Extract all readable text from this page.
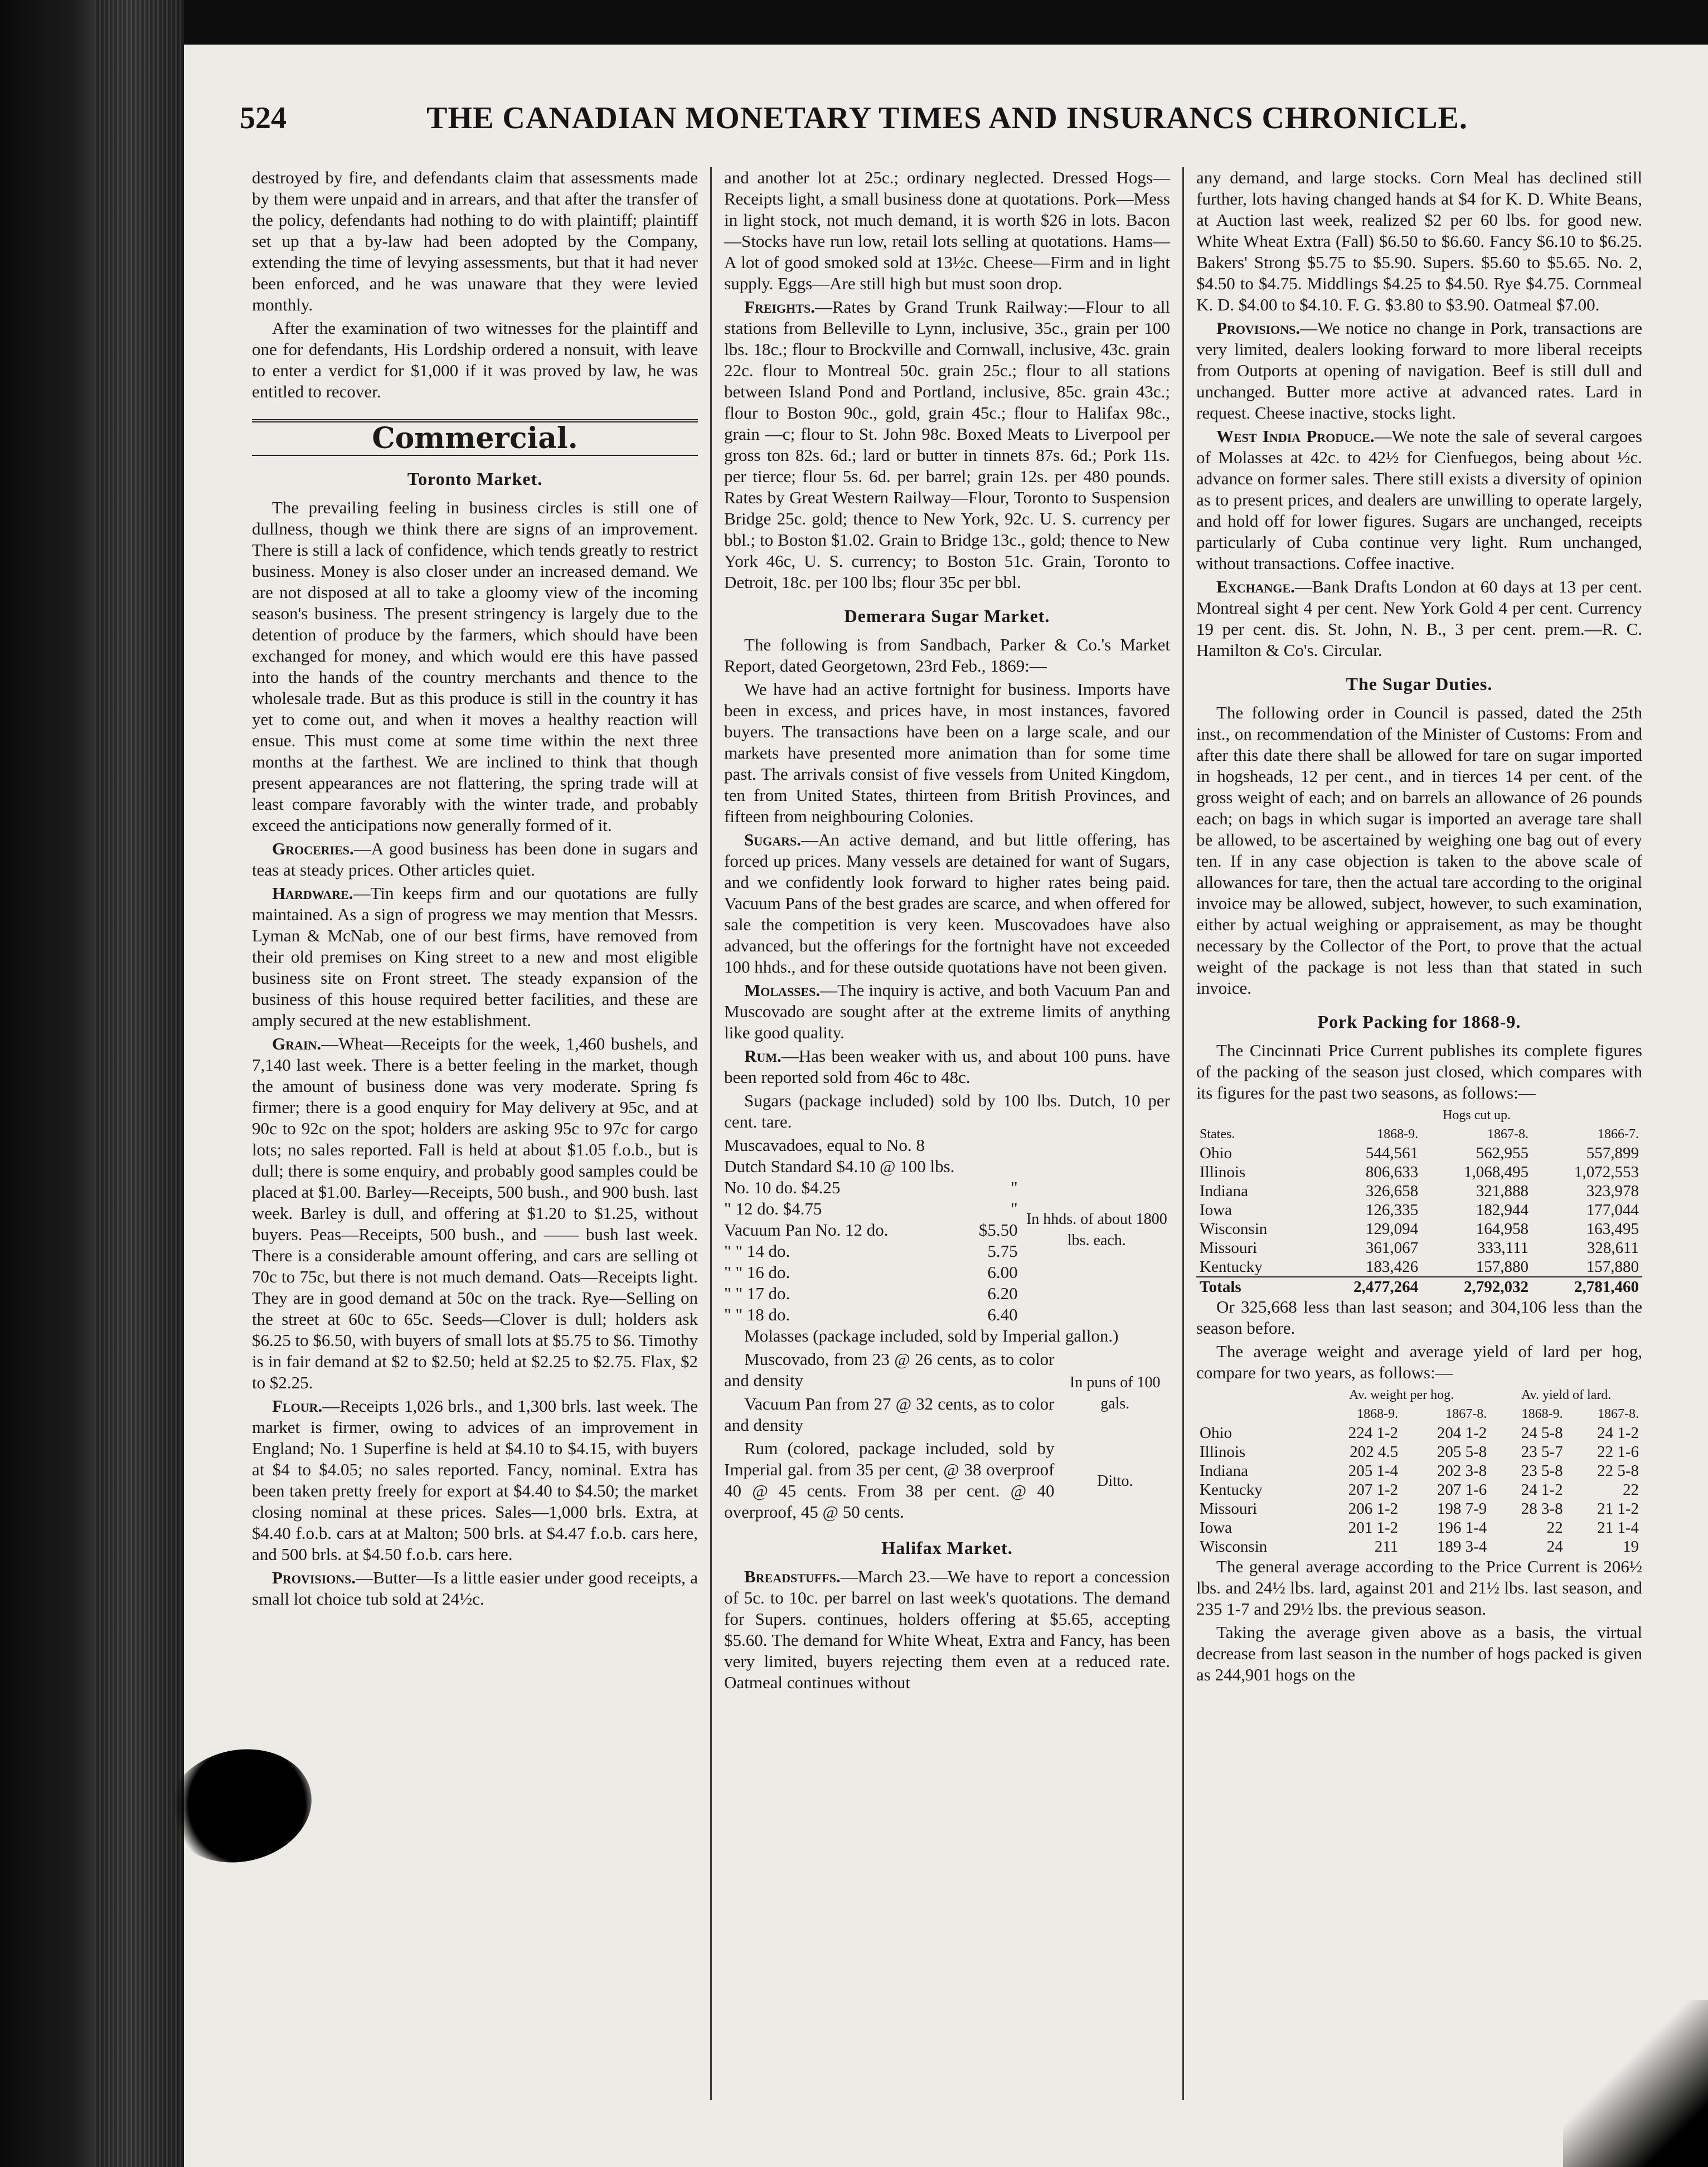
524	THE CANADIAN MONETARY TIMES AND INSURANCS CHRONICLE.

destroyed by fire, and defendants claim that assessments made by them were unpaid and in arrears, and that after the transfer of the policy, defendants had nothing to do with plaintiff; plaintiff set up that a by-law had been adopted by the Company, extending the time of levying assessments, but that it had never been enforced, and he was unaware that they were levied monthly.

After the examination of two witnesses for the plaintiff and one for defendants, His Lordship ordered a nonsuit, with leave to enter a verdict for $1,000 if it was proved by law, he was entitled to recover.

Commercial.
Toronto Market.

The prevailing feeling in business circles is still one of dullness, though we think there are signs of an improvement. There is still a lack of confidence, which tends greatly to restrict business. Money is also closer under an increased demand. We are not disposed at all to take a gloomy view of the incoming season's business. The present stringency is largely due to the detention of produce by the farmers, which should have been exchanged for money, and which would ere this have passed into the hands of the country merchants and thence to the wholesale trade. But as this produce is still in the country it has yet to come out, and when it moves a healthy reaction will ensue. This must come at some time within the next three months at the farthest. We are inclined to think that though present appearances are not flattering, the spring trade will at least compare favorably with the winter trade, and probably exceed the anticipations now generally formed of it.

Groceries.—A good business has been done in sugars and teas at steady prices. Other articles quiet.

Hardware.—Tin keeps firm and our quotations are fully maintained. As a sign of progress we may mention that Messrs. Lyman & McNab, one of our best firms, have removed from their old premises on King street to a new and most eligible business site on Front street. The steady expansion of the business of this house required better facilities, and these are amply secured at the new establishment.

Grain.—Wheat—Receipts for the week, 1,460 bushels, and 7,140 last week. There is a better feeling in the market, though the amount of business done was very moderate. Spring fs firmer; there is a good enquiry for May delivery at 95c, and at 90c to 92c on the spot; holders are asking 95c to 97c for cargo lots; no sales reported. Fall is held at about $1.05 f.o.b., but is dull; there is some enquiry, and probably good samples could be placed at $1.00. Barley—Receipts, 500 bush., and 900 bush. last week. Barley is dull, and offering at $1.20 to $1.25, without buyers. Peas—Receipts, 500 bush., and —— bush last week. There is a considerable amount offering, and cars are selling ot 70c to 75c, but there is not much demand. Oats—Receipts light. They are in good demand at 50c on the track. Rye—Selling on the street at 60c to 65c. Seeds—Clover is dull; holders ask $6.25 to $6.50, with buyers of small lots at $5.75 to $6. Timothy is in fair demand at $2 to $2.50; held at $2.25 to $2.75. Flax, $2 to $2.25.

Flour.—Receipts 1,026 brls., and 1,300 brls. last week. The market is firmer, owing to advices of an improvement in England; No. 1 Superfine is held at $4.10 to $4.15, with buyers at $4 to $4.05; no sales reported. Fancy, nominal. Extra has been taken pretty freely for export at $4.40 to $4.50; the market closing nominal at these prices. Sales—1,000 brls. Extra, at $4.40 f.o.b. cars at at Malton; 500 brls. at $4.47 f.o.b. cars here, and 500 brls. at $4.50 f.o.b. cars here.

Provisions.—Butter—Is a little easier under good receipts, a small lot choice tub sold at 24½c.

and another lot at 25c.; ordinary neglected. Dressed Hogs—Receipts light, a small business done at quotations. Pork—Mess in light stock, not much demand, it is worth $26 in lots. Bacon—Stocks have run low, retail lots selling at quotations. Hams—A lot of good smoked sold at 13½c. Cheese—Firm and in light supply. Eggs—Are still high but must soon drop.

Freights.—Rates by Grand Trunk Railway:—Flour to all stations from Belleville to Lynn, inclusive, 35c., grain per 100 lbs. 18c.; flour to Brockville and Cornwall, inclusive, 43c. grain 22c. flour to Montreal 50c. grain 25c.; flour to all stations between Island Pond and Portland, inclusive, 85c. grain 43c.; flour to Boston 90c., gold, grain 45c.; flour to Halifax 98c., grain —c; flour to St. John 98c. Boxed Meats to Liverpool per gross ton 82s. 6d.; lard or butter in tinnets 87s. 6d.; Pork 11s. per tierce; flour 5s. 6d. per barrel; grain 12s. per 480 pounds. Rates by Great Western Railway—Flour, Toronto to Suspension Bridge 25c. gold; thence to New York, 92c. U. S. currency per bbl.; to Boston $1.02. Grain to Bridge 13c., gold; thence to New York 46c, U. S. currency; to Boston 51c. Grain, Toronto to Detroit, 18c. per 100 lbs; flour 35c per bbl.

Demerara Sugar Market.

The following is from Sandbach, Parker & Co.'s Market Report, dated Georgetown, 23rd Feb., 1869:—

We have had an active fortnight for business. Imports have been in excess, and prices have, in most instances, favored buyers. The transactions have been on a large scale, and our markets have presented more animation than for some time past. The arrivals consist of five vessels from United Kingdom, ten from United States, thirteen from British Provinces, and fifteen from neighbouring Colonies.

Sugars.—An active demand, and but little offering, has forced up prices. Many vessels are detained for want of Sugars, and we confidently look forward to higher rates being paid. Vacuum Pans of the best grades are scarce, and when offered for sale the competition is very keen. Muscovadoes have also advanced, but the offerings for the fortnight have not exceeded 100 hhds., and for these outside quotations have not been given.

Molasses.—The inquiry is active, and both Vacuum Pan and Muscovado are sought after at the extreme limits of anything like good quality.

Rum.—Has been weaker with us, and about 100 puns. have been reported sold from 46c to 48c.

Sugars (package included) sold by 100 lbs. Dutch, 10 per cent. tare.

Muscavadoes, equal to No. 8
Dutch Standard $4.10 @ 100 lbs.
No. 10 do. $4.25	"
" 12 do. $4.75	"
Vacuum Pan No. 12 do.	$5.50
" " 14 do.	5.75
" " 16 do.	6.00
" " 17 do.	6.20
" " 18 do.	6.40
In hhds. of about 1800 lbs. each.

Molasses (package included, sold by Imperial gallon.)

Muscovado, from 23 @ 26 cents, as to color and density

Vacuum Pan from 27 @ 32 cents, as to color and density

In puns of 100 gals.

Rum (colored, package included, sold by Imperial gal. from 35 per cent, @ 38 overproof 40 @ 45 cents. From 38 per cent. @ 40 overproof, 45 @ 50 cents.

Ditto.
Halifax Market.

Breadstuffs.—March 23.—We have to report a concession of 5c. to 10c. per barrel on last week's quotations. The demand for Supers. continues, holders offering at $5.65, accepting $5.60. The demand for White Wheat, Extra and Fancy, has been very limited, buyers rejecting them even at a reduced rate. Oatmeal continues without

any demand, and large stocks. Corn Meal has declined still further, lots having changed hands at $4 for K. D. White Beans, at Auction last week, realized $2 per 60 lbs. for good new. White Wheat Extra (Fall) $6.50 to $6.60. Fancy $6.10 to $6.25. Bakers' Strong $5.75 to $5.90. Supers. $5.60 to $5.65. No. 2, $4.50 to $4.75. Middlings $4.25 to $4.50. Rye $4.75. Cornmeal K. D. $4.00 to $4.10. F. G. $3.80 to $3.90. Oatmeal $7.00.

Provisions.—We notice no change in Pork, transactions are very limited, dealers looking forward to more liberal receipts from Outports at opening of navigation. Beef is still dull and unchanged. Butter more active at advanced rates. Lard in request. Cheese inactive, stocks light.

West India Produce.—We note the sale of several cargoes of Molasses at 42c. to 42½ for Cienfuegos, being about ½c. advance on former sales. There still exists a diversity of opinion as to present prices, and dealers are unwilling to operate largely, and hold off for lower figures. Sugars are unchanged, receipts particularly of Cuba continue very light. Rum unchanged, without transactions. Coffee inactive.

Exchange.—Bank Drafts London at 60 days at 13 per cent. Montreal sight 4 per cent. New York Gold 4 per cent. Currency 19 per cent. dis. St. John, N. B., 3 per cent. prem.—R. C. Hamilton & Co's. Circular.

The Sugar Duties.

The following order in Council is passed, dated the 25th inst., on recommendation of the Minister of Customs: From and after this date there shall be allowed for tare on sugar imported in hogsheads, 12 per cent., and in tierces 14 per cent. of the gross weight of each; and on barrels an allowance of 26 pounds each; on bags in which sugar is imported an average tare shall be allowed, to be ascertained by weighing one bag out of every ten. If in any case objection is taken to the above scale of allowances for tare, then the actual tare according to the original invoice may be allowed, subject, however, to such examination, either by actual weighing or appraisement, as may be thought necessary by the Collector of the Port, to prove that the actual weight of the package is not less than that stated in such invoice.

Pork Packing for 1868-9.

The Cincinnati Price Current publishes its complete figures of the packing of the season just closed, which compares with its figures for the past two seasons, as follows:—

	Hogs cut up.		
States.	1868-9.	1867-8.	1866-7.
Ohio	544,561	562,955	557,899
Illinois	806,633	1,068,495	1,072,553
Indiana	326,658	321,888	323,978
Iowa	126,335	182,944	177,044
Wisconsin	129,094	164,958	163,495
Missouri	361,067	333,111	328,611
Kentucky	183,426	157,880	157,880
Totals	2,477,264	2,792,032	2,781,460

Or 325,668 less than last season; and 304,106 less than the season before.

The average weight and average yield of lard per hog, compare for two years, as follows:—

	Av. weight per hog.		Av. yield of lard.	
	1868-9.	1867-8.	1868-9.	1867-8.
Ohio	224 1-2	204 1-2	24 5-8	24 1-2
Illinois	202 4.5	205 5-8	23 5-7	22 1-6
Indiana	205 1-4	202 3-8	23 5-8	22 5-8
Kentucky	207 1-2	207 1-6	24 1-2	22
Missouri	206 1-2	198 7-9	28 3-8	21 1-2
Iowa	201 1-2	196 1-4	22	21 1-4
Wisconsin	211	189 3-4	24	19

The general average according to the Price Current is 206½ lbs. and 24½ lbs. lard, against 201 and 21½ lbs. last season, and 235 1-7 and 29½ lbs. the previous season.

Taking the average given above as a basis, the virtual decrease from last season in the number of hogs packed is given as 244,901 hogs on the
